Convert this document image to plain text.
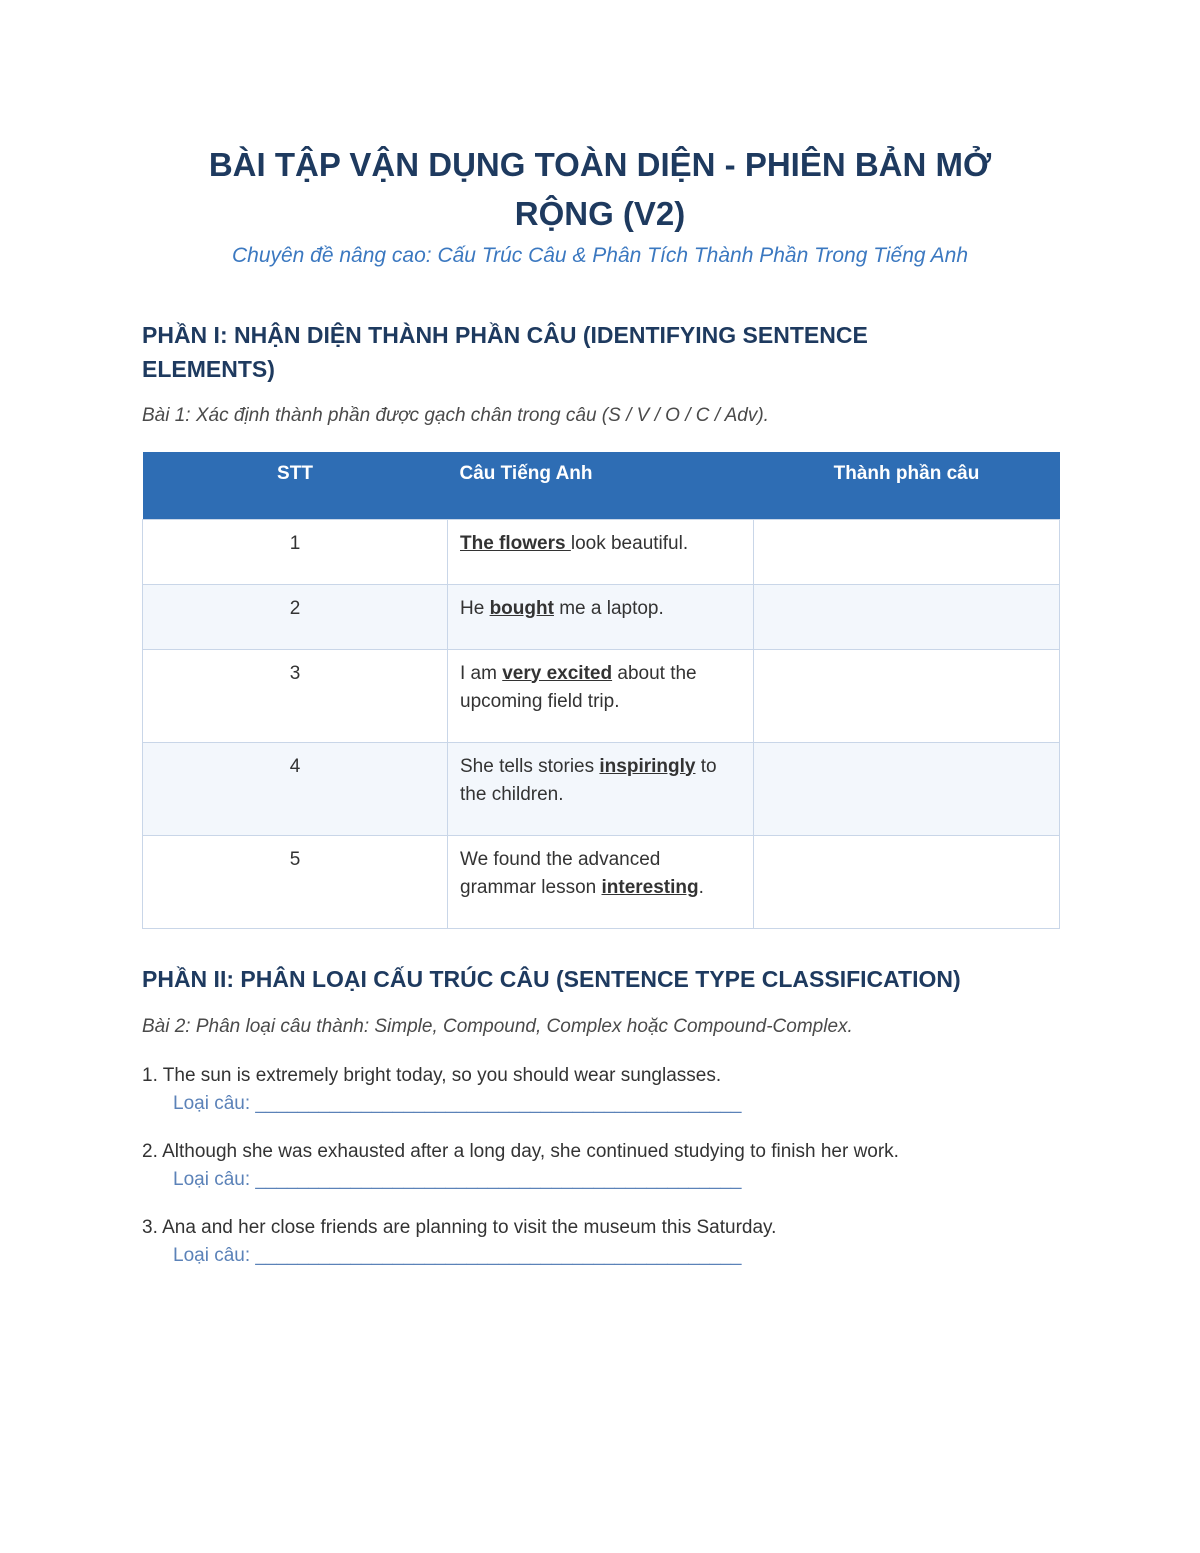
BÀI TẬP VẬN DỤNG TOÀN DIỆN - PHIÊN BẢN MỞ
RỘNG (V2)
Chuyên đề nâng cao: Cấu Trúc Câu & Phân Tích Thành Phần Trong Tiếng Anh
PHẦN I: NHẬN DIỆN THÀNH PHẦN CÂU (IDENTIFYING SENTENCE
ELEMENTS)
Bài 1: Xác định thành phần được gạch chân trong câu (S / V / O / C / Adv).
STT	Câu Tiếng Anh	Thành phần câu
1	The flowers look beautiful.	
2	He bought me a laptop.	
3	I am very excited about the upcoming field trip.	
4	She tells stories inspiringly to the children.	
5	We found the advanced grammar lesson interesting.	
PHẦN II: PHÂN LOẠI CẤU TRÚC CÂU (SENTENCE TYPE CLASSIFICATION)
Bài 2: Phân loại câu thành: Simple, Compound, Complex hoặc Compound-Complex.
1. The sun is extremely bright today, so you should wear sunglasses.
Loại câu: ______________________________________________
2. Although she was exhausted after a long day, she continued studying to finish her work.
Loại câu: ______________________________________________
3. Ana and her close friends are planning to visit the museum this Saturday.
Loại câu: ______________________________________________
